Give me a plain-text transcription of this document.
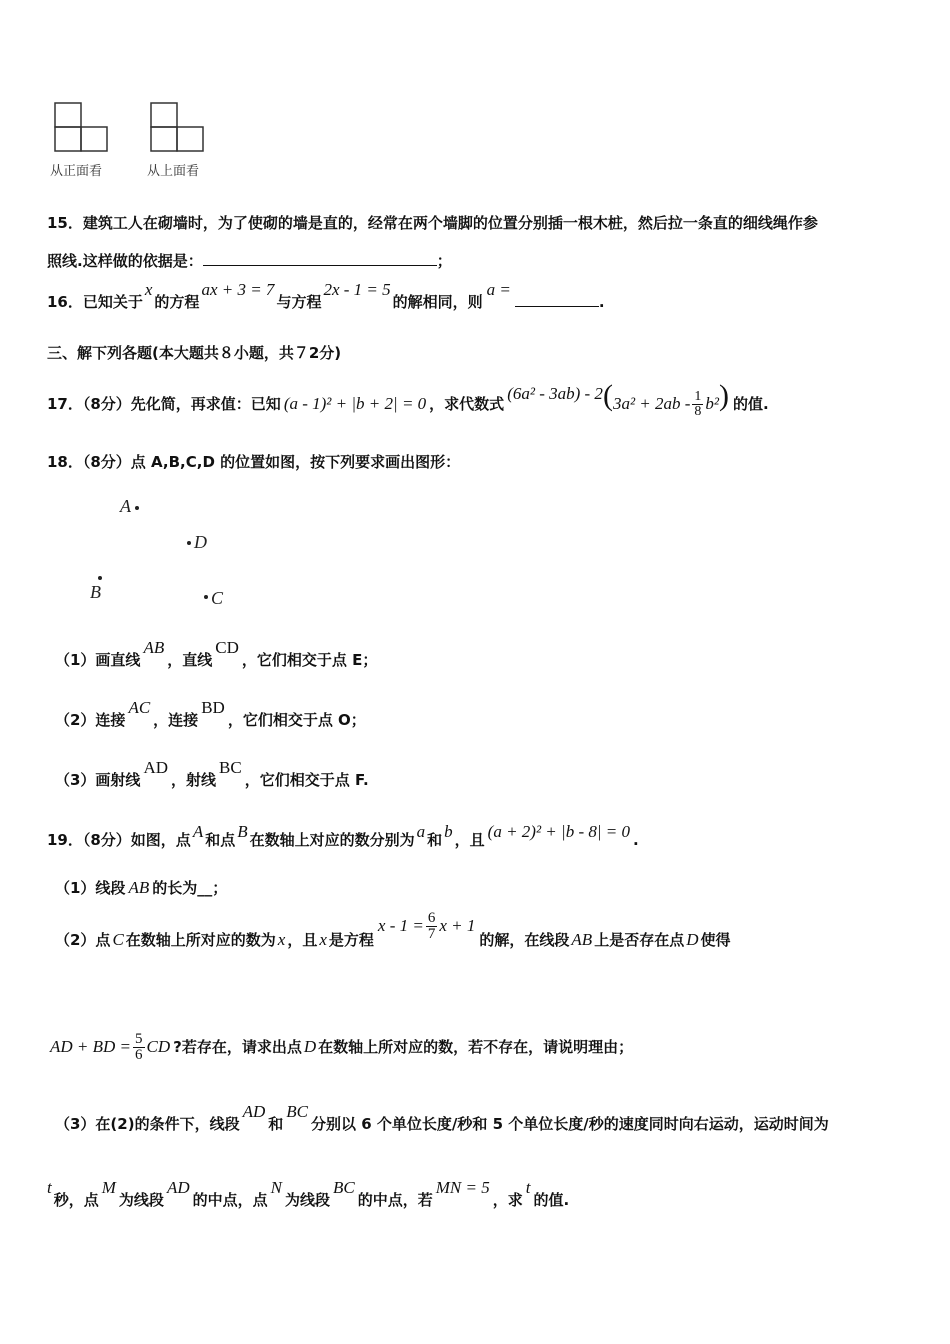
从正面看	从上面看
15．建筑工人在砌墙时，为了使砌的墙是直的，经常在两个墙脚的位置分别插一根木桩，然后拉一条直的细线绳作参
照线.这样做的依据是：	；
16．已知关于x的方程ax + 3 = 7与方程2x - 1 = 5的解相同，则a =.
三、解下列各题(本大题共８小题，共７2分)
17．（8分）先化简，再求值：已知 (a - 1)² + |b + 2| = 0 ，求代数式$(6a^2 - 3ab) - 2(3a^2 + 2ab - \frac{1}{8} b^2)$ 的值.
18．（8分）点 A,B,C,D 的位置如图，按下列要求画出图形：
A
D
B	C
（1）画直线AB，直线CD，它们相交于点 E；
（2）连接AC，连接BD，它们相交于点 O；
（3）画射线AD，射线BC，它们相交于点 F.
19．（8分）如图，点 A 和点 B 在数轴上对应的数分别为 a 和 b ，且 (a + 2)² + |b - 8| = 0 .
（1）线段 AB 的长为__；
（2）点 C 在数轴上所对应的数为 x ，且 x 是方程$x - 1 = \frac{6}{7}$ x + 1的解，在线段 AB 上是否存在点 D 使得
AD + BD = $\frac{5}{6}$ CD ?若存在，请求出点 D 在数轴上所对应的数，若不存在，请说明理由；
（3）在(2)的条件下，线段AD和BC分别以 6 个单位长度/秒和 5 个单位长度/秒的速度同时向右运动，运动时间为
t秒，点M为线段AD的中点，点N为线段BC的中点，若MN = 5，求t的值.
